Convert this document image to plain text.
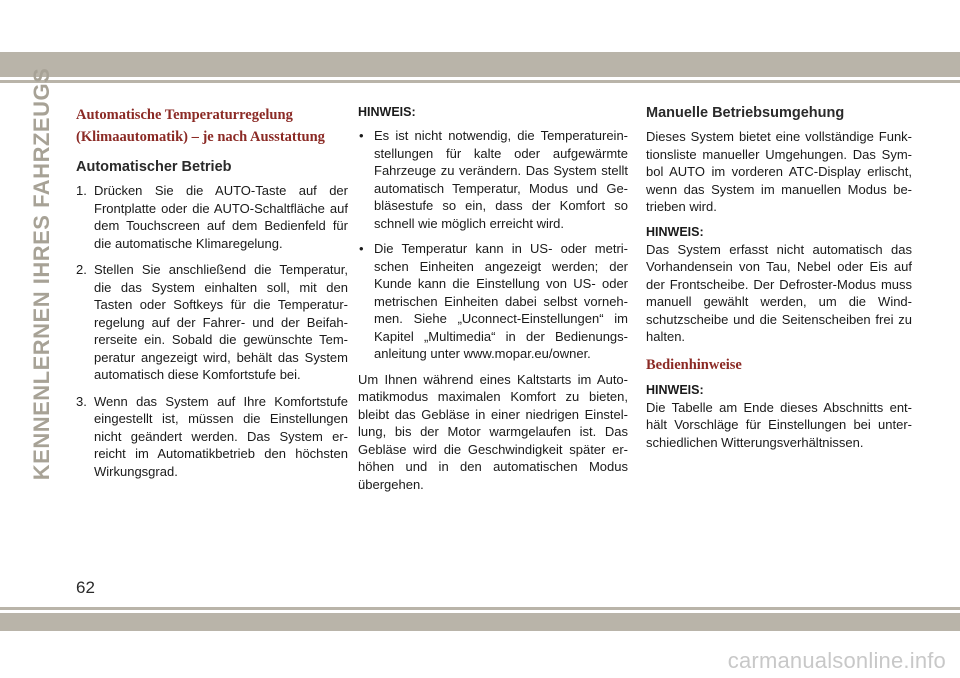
KENNENLERNEN IHRES FAHRZEUGS Automatische Temperaturregelung (Klimaautomatik) – je nach Ausstattung
Automatischer Betrieb
1. Drücken Sie die AUTO-Taste auf der Frontplatte oder die AUTO-Schaltfläche auf dem Touchscreen auf dem Bedienfeld für die automatische Klimaregelung.
2. Stellen Sie anschließend die Temperatur, die das System einhalten soll, mit den Tasten oder Softkeys für die Temperatur-regelung auf der Fahrer- und der Beifah-rerseite ein. Sobald die gewünschte Tem-peratur angezeigt wird, behält das System automatisch diese Komfortstufe bei.
3. Wenn das System auf Ihre Komfortstufe eingestellt ist, müssen die Einstellungen nicht geändert werden. Das System er-reicht im Automatikbetrieb den höchsten Wirkungsgrad.

HINWEIS:

• Es ist nicht notwendig, die Temperaturein-stellungen für kalte oder aufgewärmte Fahrzeuge zu verändern. Das System stellt automatisch Temperatur, Modus und Ge-bläsestufe so ein, dass der Komfort so schnell wie möglich erreicht wird.
• Die Temperatur kann in US- oder metri-schen Einheiten angezeigt werden; der Kunde kann die Einstellung von US- oder metrischen Einheiten dabei selbst vorneh-men. Siehe „Uconnect-Einstellungen“ im Kapitel „Multimedia“ in der Bedienungs-anleitung unter www.mopar.eu/owner.

Um Ihnen während eines Kaltstarts im Auto-matikmodus maximalen Komfort zu bieten, bleibt das Gebläse in einer niedrigen Einstel-lung, bis der Motor warmgelaufen ist. Das Gebläse wird die Geschwindigkeit später er-höhen und in den automatischen Modus übergehen.

Manuelle Betriebsumgehung

Dieses System bietet eine vollständige Funk-tionsliste manueller Umgehungen. Das Sym-bol AUTO im vorderen ATC-Display erlischt, wenn das System im manuellen Modus be-trieben wird.

HINWEIS:

Das System erfasst nicht automatisch das Vorhandensein von Tau, Nebel oder Eis auf der Frontscheibe. Der Defroster-Modus muss manuell gewählt werden, um die Wind-schutzscheibe und die Seitenscheiben frei zu halten.

Bedienhinweise

HINWEIS:

Die Tabelle am Ende dieses Abschnitts ent-hält Vorschläge für Einstellungen bei unter-schiedlichen Witterungsverhältnissen.

62
carmanualsonline.info
